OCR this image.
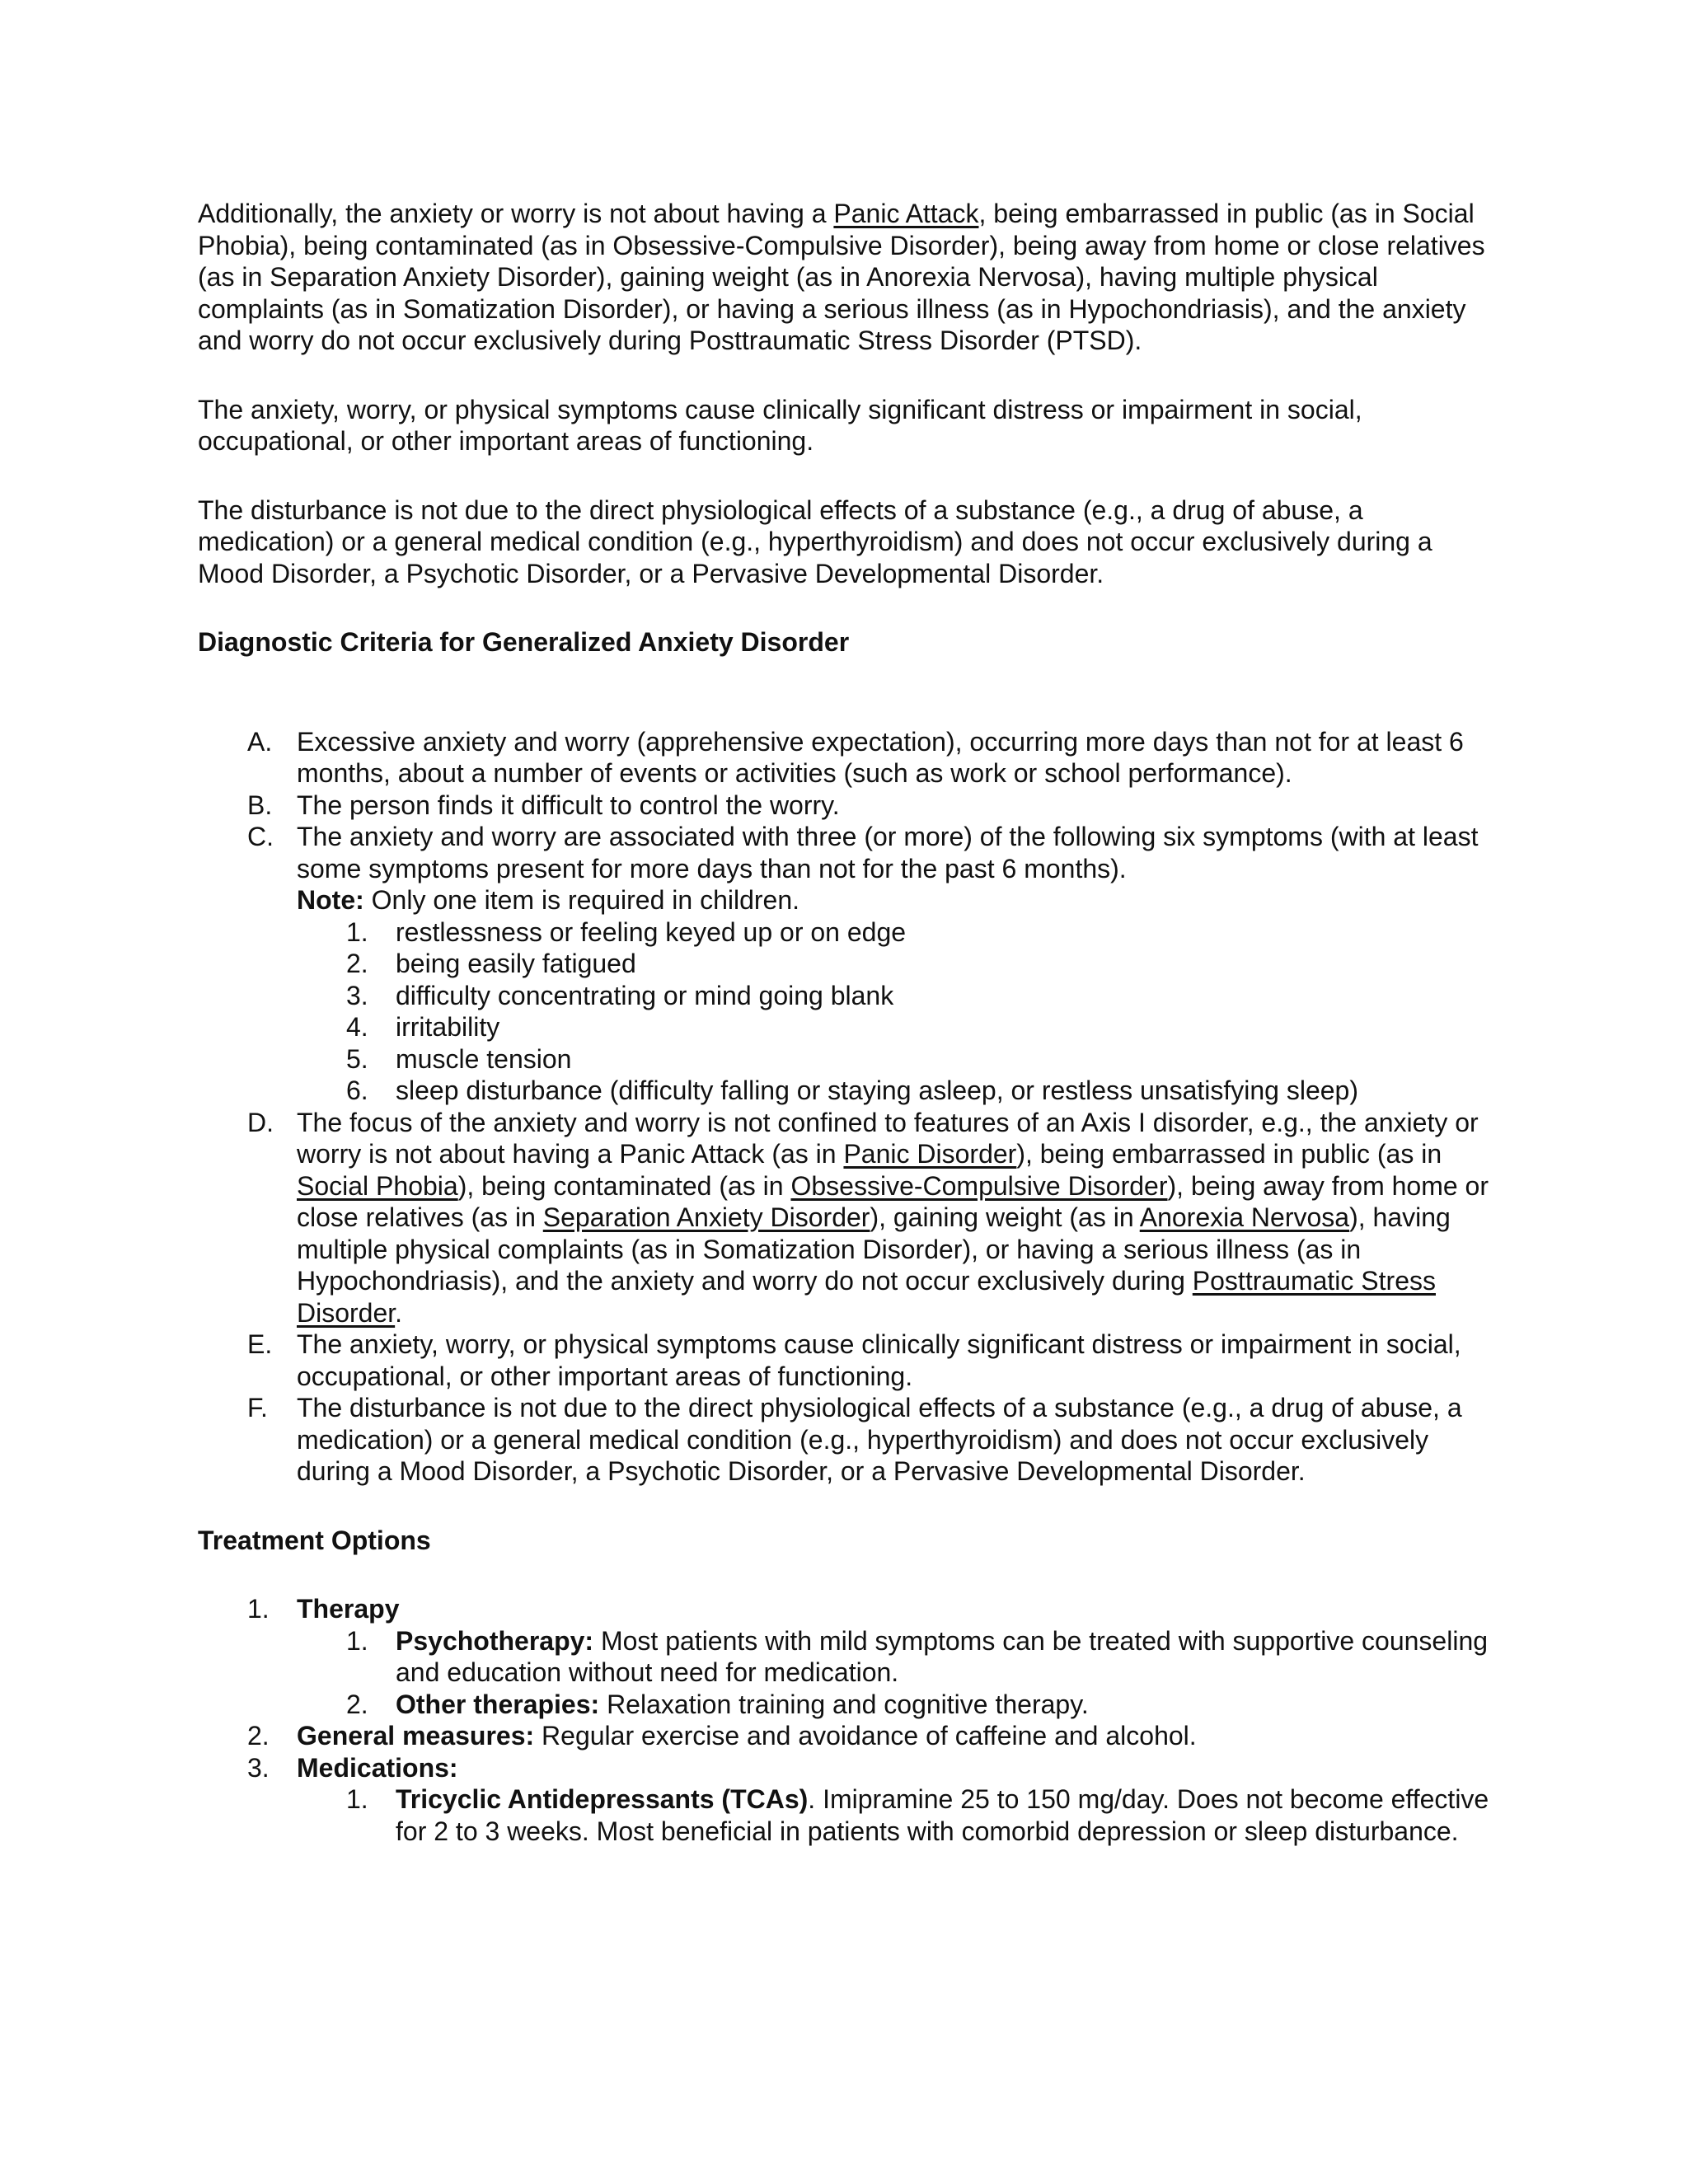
Additionally, the anxiety or worry is not about having a Panic Attack, being embarrassed in public (as in Social Phobia), being contaminated (as in Obsessive-Compulsive Disorder), being away from home or close relatives (as in Separation Anxiety Disorder), gaining weight (as in Anorexia Nervosa), having multiple physical complaints (as in Somatization Disorder), or having a serious illness (as in Hypochondriasis), and the anxiety and worry do not occur exclusively during Posttraumatic Stress Disorder (PTSD).

The anxiety, worry, or physical symptoms cause clinically significant distress or impairment in social, occupational, or other important areas of functioning.

The disturbance is not due to the direct physiological effects of a substance (e.g., a drug of abuse, a medication) or a general medical condition (e.g., hyperthyroidism) and does not occur exclusively during a Mood Disorder, a Psychotic Disorder, or a Pervasive Developmental Disorder.

Diagnostic Criteria for Generalized Anxiety Disorder

A. Excessive anxiety and worry (apprehensive expectation), occurring more days than not for at least 6 months, about a number of events or activities (such as work or school performance).
B. The person finds it difficult to control the worry.
C. The anxiety and worry are associated with three (or more) of the following six symptoms (with at least some symptoms present for more days than not for the past 6 months).
Note: Only one item is required in children.
1. restlessness or feeling keyed up or on edge
2. being easily fatigued
3. difficulty concentrating or mind going blank
4. irritability
5. muscle tension
6. sleep disturbance (difficulty falling or staying asleep, or restless unsatisfying sleep)
D. The focus of the anxiety and worry is not confined to features of an Axis I disorder, e.g., the anxiety or worry is not about having a Panic Attack (as in Panic Disorder), being embarrassed in public (as in Social Phobia), being contaminated (as in Obsessive-Compulsive Disorder), being away from home or close relatives (as in Separation Anxiety Disorder), gaining weight (as in Anorexia Nervosa), having multiple physical complaints (as in Somatization Disorder), or having a serious illness (as in Hypochondriasis), and the anxiety and worry do not occur exclusively during Posttraumatic Stress Disorder.
E. The anxiety, worry, or physical symptoms cause clinically significant distress or impairment in social, occupational, or other important areas of functioning.
F. The disturbance is not due to the direct physiological effects of a substance (e.g., a drug of abuse, a medication) or a general medical condition (e.g., hyperthyroidism) and does not occur exclusively during a Mood Disorder, a Psychotic Disorder, or a Pervasive Developmental Disorder.

Treatment Options

1. Therapy
1. Psychotherapy: Most patients with mild symptoms can be treated with supportive counseling and education without need for medication.
2. Other therapies: Relaxation training and cognitive therapy.
2. General measures: Regular exercise and avoidance of caffeine and alcohol.
3. Medications:
1. Tricyclic Antidepressants (TCAs). Imipramine 25 to 150 mg/day. Does not become effective for 2 to 3 weeks. Most beneficial in patients with comorbid depression or sleep disturbance.
